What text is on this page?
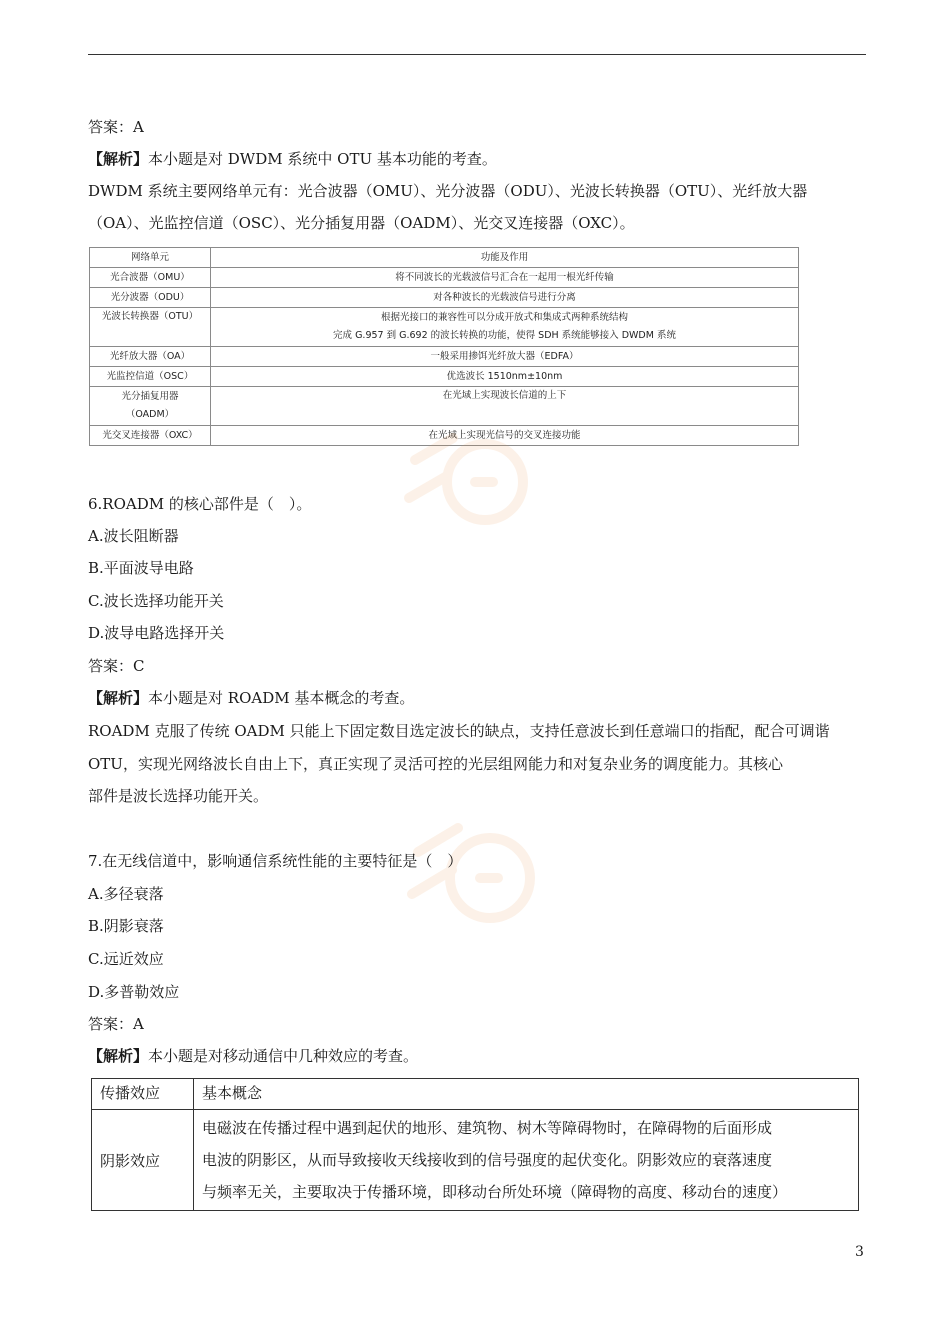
答案：A
【解析】本小题是对 DWDM 系统中 OTU 基本功能的考查。
DWDM 系统主要网络单元有：光合波器（OMU）、光分波器（ODU）、光波长转换器（OTU）、光纤放大器
（OA）、光监控信道（OSC）、光分插复用器（OADM）、光交叉连接器（OXC）。
网络单元	功能及作用
光合波器（OMU）	将不同波长的光载波信号汇合在一起用一根光纤传输
光分波器（ODU）	对各种波长的光载波信号进行分离
光波长转换器（OTU）	根据光接口的兼容性可以分成开放式和集成式两种系统结构
完成 G.957 到 G.692 的波长转换的功能，使得 SDH 系统能够接入 DWDM 系统

光纤放大器（OA）	一般采用掺饵光纤放大器（EDFA）
光监控信道（OSC）	优选波长 1510nm±10nm

光分插复用器
（OADM）	在光域上实现波长信道的上下
光交叉连接器（OXC）	在光域上实现光信号的交叉连接功能
6.ROADM 的核心部件是（　）。
A.波长阻断器
B.平面波导电路
C.波长选择功能开关
D.波导电路选择开关
答案：C
【解析】本小题是对 ROADM 基本概念的考查。
ROADM 克服了传统 OADM 只能上下固定数目选定波长的缺点，支持任意波长到任意端口的指配，配合可调谐
OTU，实现光网络波长自由上下，真正实现了灵活可控的光层组网能力和对复杂业务的调度能力。其核心
部件是波长选择功能开关。
7.在无线信道中，影响通信系统性能的主要特征是（　）
A.多径衰落
B.阴影衰落
C.远近效应
D.多普勒效应
答案：A
【解析】本小题是对移动通信中几种效应的考查。
传播效应	基本概念
阴影效应	电磁波在传播过程中遇到起伏的地形、建筑物、树木等障碍物时，在障碍物的后面形成
电波的阴影区，从而导致接收天线接收到的信号强度的起伏变化。阴影效应的衰落速度
与频率无关，主要取决于传播环境，即移动台所处环境（障碍物的高度、移动台的速度）
3
